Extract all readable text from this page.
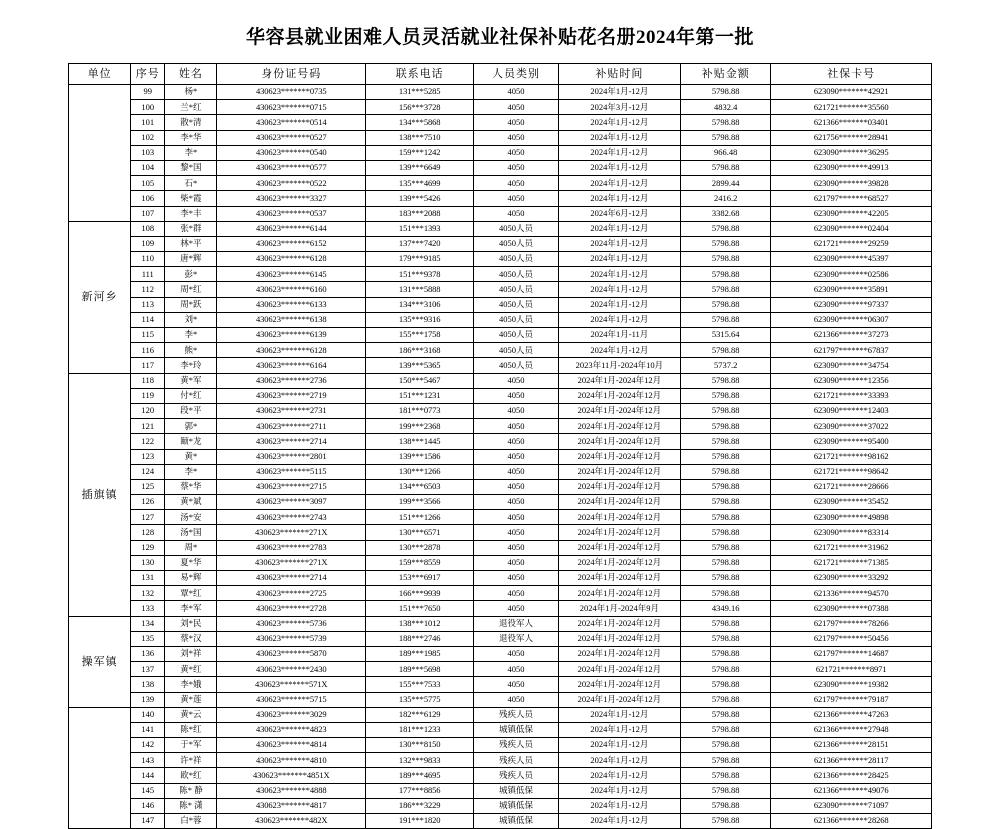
华容县就业困难人员灵活就业社保补贴花名册2024年第一批
单位	序号	姓名	身份证号码	联系电话	人员类别	补贴时间	补贴金额	社保卡号
	99	杨*	430623*******0735	131***5285	4050	2024年1月-12月	5798.88	623090*******42921
	100	兰*红	430623*******0715	156***3728	4050	2024年3月-12月	4832.4	621721*******35560
	101	散*清	430623*******0514	134***5868	4050	2024年1月-12月	5798.88	621366*******03401
	102	李*华	430623*******0527	138***7510	4050	2024年1月-12月	5798.88	621756*******28941
	103	李*	430623*******0540	159***1242	4050	2024年1月-12月	966.48	623090*******36295
	104	黎*国	430623*******0577	139***6649	4050	2024年1月-12月	5798.88	623090*******49913
	105	石*	430623*******0522	135***4699	4050	2024年1月-12月	2899.44	623090*******39828
	106	柴*霞	430623*******3327	139***5426	4050	2024年1月-12月	2416.2	621797*******68527
	107	李*丰	430623*******0537	183***2088	4050	2024年6月-12月	3382.68	623090*******42205
新河乡	108	张*群	430623*******6144	151***1393	4050人员	2024年1月-12月	5798.88	623090*******02404
	109	林*平	430623*******6152	137***7420	4050人员	2024年1月-12月	5798.88	621721*******29259
	110	唐*辉	430623*******6128	179***9185	4050人员	2024年1月-12月	5798.88	623090*******45397
	111	彭*	430623*******6145	151***9378	4050人员	2024年1月-12月	5798.88	623090*******02586
	112	周*红	430623*******6160	131***5888	4050人员	2024年1月-12月	5798.88	623090*******35891
	113	周*跃	430623*******6133	134***3106	4050人员	2024年1月-12月	5798.88	623090*******97337
	114	刘*	430623*******6138	135***9316	4050人员	2024年1月-12月	5798.88	623090*******06307
	115	李*	430623*******6139	155***1758	4050人员	2024年1月-11月	5315.64	621366*******37273
	116	熊*	430623*******6128	186***3168	4050人员	2024年1月-12月	5798.88	621797*******67837
	117	李*玲	430623*******6164	139***5365	4050人员	2023年11月-2024年10月	5737.2	623090*******34754
插旗镇	118	黄*军	430623*******2736	150***5467	4050	2024年1月-2024年12月	5798.88	623090*******12356
	119	付*红	430623*******2719	151***1231	4050	2024年1月-2024年12月	5798.88	621721*******33393
	120	段*平	430623*******2731	181***0773	4050	2024年1月-2024年12月	5798.88	623090*******12403
	121	郭*	430623*******2711	199***2368	4050	2024年1月-2024年12月	5798.88	623090*******37022
	122	颐*龙	430623*******2714	138***1445	4050	2024年1月-2024年12月	5798.88	623090*******95400
	123	黄*	430623*******2801	139***1586	4050	2024年1月-2024年12月	5798.88	621721*******98162
	124	李*	430623*******5115	130***1266	4050	2024年1月-2024年12月	5798.88	621721*******98642
	125	蔡*华	430623*******2715	134***6503	4050	2024年1月-2024年12月	5798.88	621721*******28666
	126	黄*斌	430623*******3097	199***3566	4050	2024年1月-2024年12月	5798.88	623090*******35452
	127	汤*安	430623*******2743	151***1266	4050	2024年1月-2024年12月	5798.88	623090*******49898
	128	汤*国	430623*******271X	130***6571	4050	2024年1月-2024年12月	5798.88	623090*******83314
	129	周*	430623*******2783	130***2878	4050	2024年1月-2024年12月	5798.88	621721*******31962
	130	夏*华	430623*******271X	159***8559	4050	2024年1月-2024年12月	5798.88	621721*******71385
	131	易*辉	430623*******2714	153***6917	4050	2024年1月-2024年12月	5798.88	623090*******33292
	132	覃*红	430623*******2725	166***9939	4050	2024年1月-2024年12月	5798.88	621336*******94570
	133	李*军	430623*******2728	151***7650	4050	2024年1月-2024年9月	4349.16	623090*******07388
操军镇	134	刘*民	430623*******5736	138***1012	退役军人	2024年1月-2024年12月	5798.88	621797*******78266
	135	蔡*汉	430623*******5739	188***2746	退役军人	2024年1月-2024年12月	5798.88	621797*******50456
	136	刘*祥	430623*******5870	189***1985	4050	2024年1月-2024年12月	5798.88	621797*******14687
	137	黄*红	430623*******2430	189***5698	4050	2024年1月-2024年12月	5798.88	621721*******8971
	138	李*娥	430623*******571X	155***7533	4050	2024年1月-2024年12月	5798.88	623090*******19382
	139	黄*莲	430623*******5715	135***5775	4050	2024年1月-2024年12月	5798.88	621797*******79187
	140	黄*云	430623*******3029	182***6129	残疾人员	2024年1月-12月	5798.88	621366*******47263
	141	陈*红	430623*******4823	181***1233	城镇低保	2024年1月-12月	5798.88	621366*******27948
	142	于*军	430623*******4814	130***8150	残疾人员	2024年1月-12月	5798.88	621366*******28151
	143	许*祥	430623*******4810	132***9833	残疾人员	2024年1月-12月	5798.88	621366*******28117
	144	欧*红	430623*******4851X	189***4695	残疾人员	2024年1月-12月	5798.88	621366*******28425
	145	陈* 静	430623*******4888	177***8856	城镇低保	2024年1月-12月	5798.88	621366*******49076
	146	陈* 潇	430623*******4817	186***3229	城镇低保	2024年1月-12月	5798.88	623090*******71097
	147	白*蓉	430623*******482X	191***1820	城镇低保	2024年1月-12月	5798.88	621366*******28268
